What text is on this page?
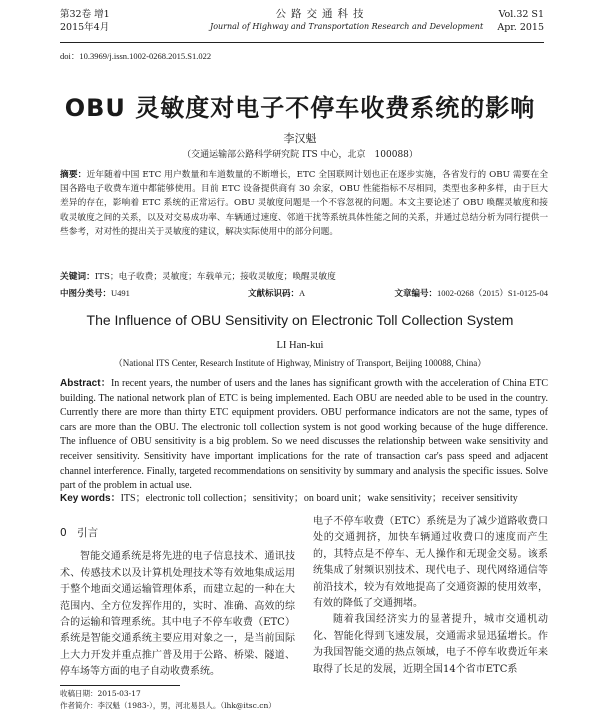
第32卷 增1
2015年4月
公路交通科技
Journal of Highway and Transportation Research and Development
Vol.32 S1
Apr. 2015
doi：10.3969/j.issn.1002-0268.2015.S1.022
OBU 灵敏度对电子不停车收费系统的影响
李汉魁
（交通运输部公路科学研究院 ITS 中心，北京　100088）
摘要：近年随着中国 ETC 用户数量和车道数量的不断增长，ETC 全国联网计划也正在逐步实施，各省发行的 OBU 需要在全国各路电子收费车道中都能够使用。目前 ETC 设备提供商有 30 余家，OBU 性能指标不尽相同，类型也多种多样，由于巨大差异的存在，影响着 ETC 系统的正常运行。OBU 灵敏度问题是一个不容忽视的问题。本文主要论述了 OBU 唤醒灵敏度和接收灵敏度之间的关系，以及对交易成功率、车辆通过速度、邻道干扰等系统具体性能之间的关系，并通过总结分析为同行提供一些参考，对对性的提出关于灵敏度的建议，解决实际使用中的部分问题。
关键词：ITS；电子收费；灵敏度；车载单元；接收灵敏度；唤醒灵敏度
中图分类号：U491	文献标识码：A	文章编号：1002-0268（2015）S1-0125-04
The Influence of OBU Sensitivity on Electronic Toll Collection System
LI Han-kui
（National ITS Center, Research Institute of Highway, Ministry of Transport, Beijing 100088, China）
Abstract：In recent years, the number of users and the lanes has significant growth with the acceleration of China ETC building. The national network plan of ETC is being implemented. Each OBU are needed able to be used in the country. Currently there are more than thirty ETC equipment providers. OBU performance indicators are not the same, types of cars are more than the OBU. The electronic toll collection system is not good working because of the huge difference. The influence of OBU sensitivity is a big problem. So we need discusses the relationship between wake sensitivity and receiver sensitivity. Sensitivity have important implications for the rate of transaction car's pass speed and adjacent channel interference. Finally, targeted recommendations on sensitivity by summary and analysis the specific issues. Solve part of the problem in actual use.
Key words：ITS；electronic toll collection；sensitivity；on board unit；wake sensitivity；receiver sensitivity
0　引言

智能交通系统是将先进的电子信息技术、通讯技术、传感技术以及计算机处理技术等有效地集成运用于整个地面交通运输管理体系，而建立起的一种在大范围内、全方位发挥作用的，实时、准确、高效的综合的运输和管理系统。其中电子不停车收费（ETC）系统是智能交通系统主要应用对象之一，是当前国际上大力开发并重点推广普及用于公路、桥梁、隧道、停车场等方面的电子自动收费系统。

电子不停车收费（ETC）系统是为了减少道路收费口处的交通拥挤，加快车辆通过收费口的速度而产生的，其特点是不停车、无人操作和无现金交易。该系统集成了射频识别技术、现代电子、现代网络通信等前沿技术，较为有效地提高了交通资源的使用效率，有效的降低了交通拥堵。

随着我国经济实力的显著提升，城市交通机动化、智能化得到飞速发展，交通需求显迅猛增长。作为我国智能交通的热点领域，电子不停车收费近年来取得了长足的发展，近期全国14个省市ETC系

收稿日期：2015-03-17
作者简介：李汉魁（1983-），男，河北易县人。（lhk@itsc.cn）
